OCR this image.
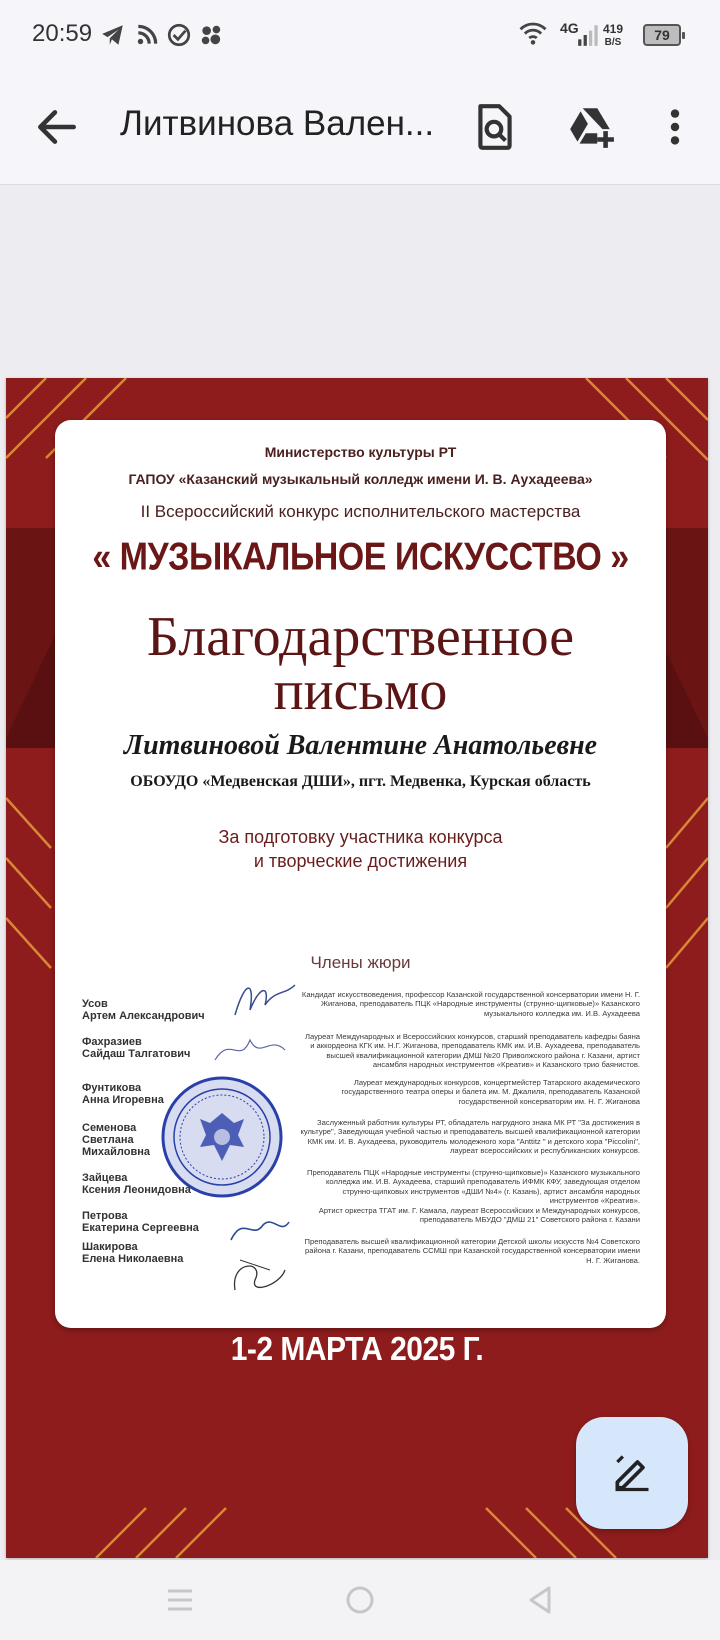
20:59	4G 419
B/S	79
Литвинова Вален...
Министерство культуры РТ
ГАПОУ «Казанский музыкальный колледж имени И. В. Аухадеева»
II Всероссийский конкурс исполнительского мастерства
« МУЗЫКАЛЬНОЕ ИСКУССТВО »
Благодарственное
письмо
Литвиновой Валентине Анатольевне
ОБОУДО «Медвенская ДШИ», пгт. Медвенка, Курская область
За подготовку участника конкурса
и творческие достижения
Члены жюри
Усов
Артем Александрович
Кандидат искусствоведения, профессор Казанской государственной консерватории имени Н. Г. Жиганова, преподаватель ПЦК «Народные инструменты (струнно-щипковые)» Казанского музыкального колледжа им. И.В. Аухадеева
Фахразиев
Сайдаш Талгатович
Лауреат Международных и Всероссийских конкурсов, старший преподаватель кафедры баяна и аккордеона КГК им. Н.Г. Жиганова, преподаватель КМК им. И.В. Аухадеева, преподаватель высшей квалификационной категории ДМШ №20 Приволжского района г. Казани, артист ансамбля народных инструментов «Креатив» и Казанского трио баянистов.
Фунтикова
Анна Игоревна
Лауреат международных конкурсов, концертмейстер Татарского академического государственного театра оперы и балета им. М. Джалиля, преподаватель Казанской государственной консерватории им. Н. Г. Жиганова
Семенова
Светлана
Михайловна
Заслуженный работник культуры РТ, обладатель нагрудного знака МК РТ "За достижения в культуре", Заведующая учебной частью и преподаватель высшей квалификационной категории КМК им. И. В. Аухадеева, руководитель молодежного хора "Anttitz " и детского хора "Piccolini", лауреат всероссийских и республиканских конкурсов.
Зайцева
Ксения Леонидовна
Преподаватель ПЦК «Народные инструменты (струнно-щипковые)» Казанского музыкального колледжа им. И.В. Аухадеева, старший преподаватель ИФМК КФУ, заведующая отделом струнно-щипковых инструментов «ДШИ №4» (г. Казань), артист ансамбля народных инструментов «Креатив».
Петрова
Екатерина Сергеевна
Артист оркестра ТГАТ им. Г. Камала, лауреат Всероссийских и Международных конкурсов, преподаватель МБУДО "ДМШ 21" Советского района г. Казани
Шакирова
Елена Николаевна
Преподаватель высшей квалификационной категории Детской школы искусств №4 Советского района г. Казани, преподаватель ССМШ при Казанской государственной консерватории имени Н. Г. Жиганова.
1-2 МАРТА 2025 Г.
